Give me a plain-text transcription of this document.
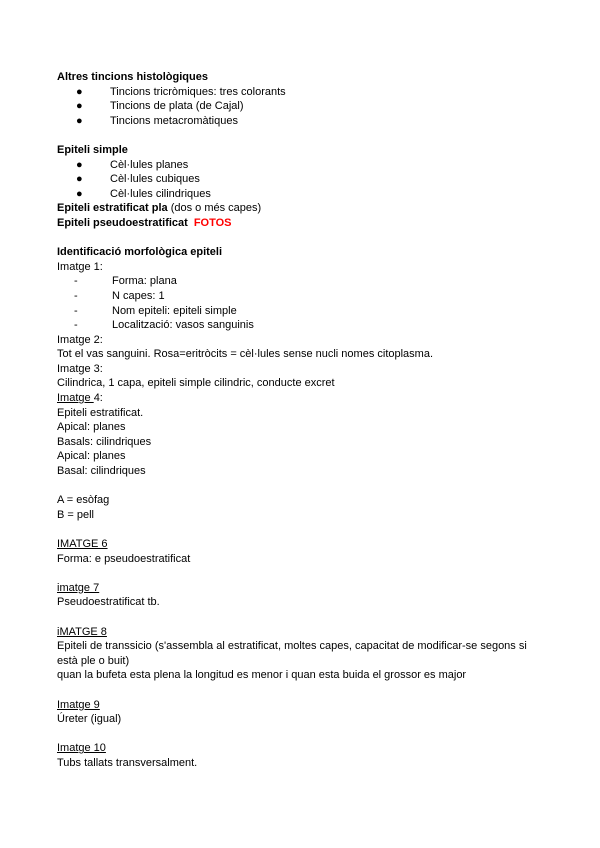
Altres tincions histològiques
●	Tincions tricròmiques: tres colorants
●	Tincions de plata (de Cajal)
●	Tincions metacromàtiques
Epiteli simple
●	Cèl·lules planes
●	Cèl·lules cubiques
●	Cèl·lules cilindriques
Epiteli estratificat pla (dos o més capes)
Epiteli pseudoestratificat FOTOS
Identificació morfològica epiteli
Imatge 1:
-	Forma: plana
-	N capes: 1
-	Nom epiteli: epiteli simple
-	Localització: vasos sanguinis
Imatge 2:
Tot el vas sanguini. Rosa=eritròcits = cèl·lules sense nucli nomes citoplasma.
Imatge 3:
Cilindrica, 1 capa, epiteli simple cilindric, conducte excret
Imatge 4:
Epiteli estratificat.
Apical: planes
Basals: cilindriques
Apical: planes
Basal: cilindriques
A = esòfag
B = pell
IMATGE 6
Forma: e pseudoestratificat
imatge 7
Pseudoestratificat tb.
iMATGE 8
Epiteli de transsicio (s'assembla al estratificat, moltes capes, capacitat de modificar-se segons si està ple o buit)
quan la bufeta esta plena la longitud es menor i quan esta buida el grossor es major
Imatge 9
Úreter (igual)
Imatge 10
Tubs tallats transversalment.
